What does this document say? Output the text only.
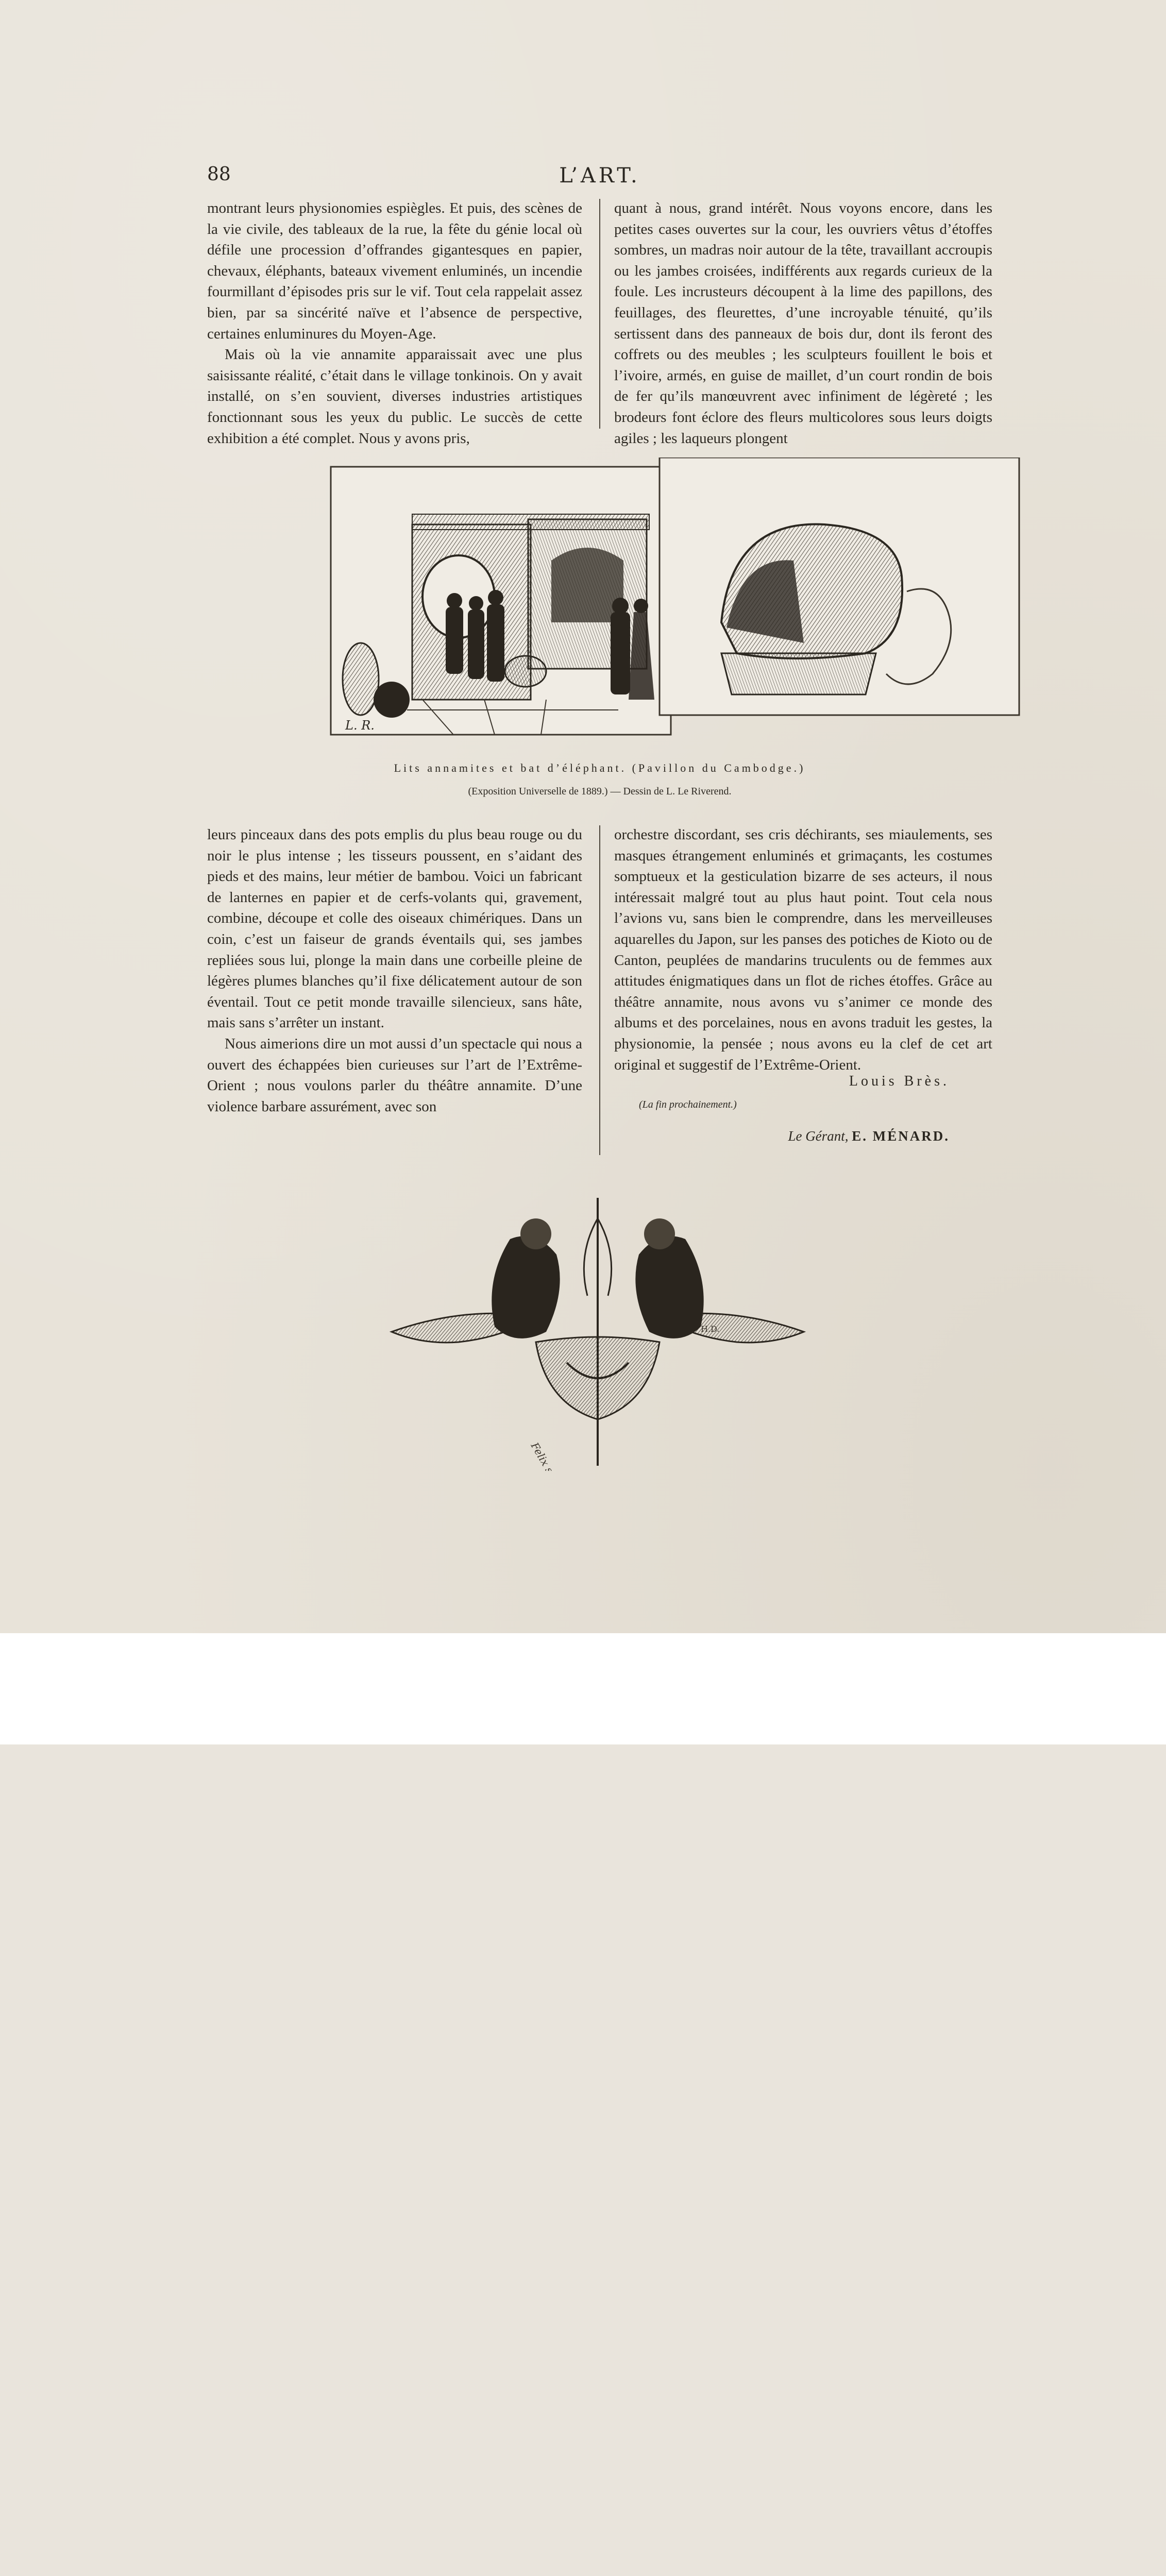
88	L’ART.

montrant leurs physionomies espiègles. Et puis, des scènes de la vie civile, des tableaux de la rue, la fête du génie local où défile une procession d’offrandes gigantesques en papier, chevaux, éléphants, bateaux vivement enluminés, un incendie fourmillant d’épisodes pris sur le vif. Tout cela rappelait assez bien, par sa sincérité naïve et l’absence de perspective, certaines enluminures du Moyen-Age.

Mais où la vie annamite apparaissait avec une plus saisissante réalité, c’était dans le village tonkinois. On y avait installé, on s’en souvient, diverses industries artistiques fonctionnant sous les yeux du public. Le succès de cette exhibition a été complet. Nous y avons pris,

quant à nous, grand intérêt. Nous voyons encore, dans les petites cases ouvertes sur la cour, les ouvriers vêtus d’étoffes sombres, un madras noir autour de la tête, travaillant accroupis ou les jambes croisées, indifférents aux regards curieux de la foule. Les incrusteurs découpent à la lime des papillons, des feuillages, des fleurettes, d’une incroyable ténuité, qu’ils sertissent dans des panneaux de bois dur, dont ils feront des coffrets ou des meubles ; les sculpteurs fouillent le bois et l’ivoire, armés, en guise de maillet, d’un court rondin de bois de fer qu’ils manœuvrent avec infiniment de légèreté ; les brodeurs font éclore des fleurs multicolores sous leurs doigts agiles ; les laqueurs plongent

L. R.
Lits annamites et bat d’éléphant. (Pavillon du Cambodge.)
(Exposition Universelle de 1889.) — Dessin de L. Le Riverend.

leurs pinceaux dans des pots emplis du plus beau rouge ou du noir le plus intense ; les tisseurs poussent, en s’aidant des pieds et des mains, leur métier de bambou. Voici un fabricant de lanternes en papier et de cerfs-volants qui, gravement, combine, découpe et colle des oiseaux chimériques. Dans un coin, c’est un faiseur de grands éventails qui, ses jambes repliées sous lui, plonge la main dans une corbeille pleine de légères plumes blanches qu’il fixe délicatement autour de son éventail. Tout ce petit monde travaille silencieux, sans hâte, mais sans s’arrêter un instant.

Nous aimerions dire un mot aussi d’un spectacle qui nous a ouvert des échappées bien curieuses sur l’art de l’Extrême-Orient ; nous voulons parler du théâtre annamite. D’une violence barbare assurément, avec son

orchestre discordant, ses cris déchirants, ses miaulements, ses masques étrangement enluminés et grimaçants, les costumes somptueux et la gesticulation bizarre de ses acteurs, il nous intéressait malgré tout au plus haut point. Tout cela nous l’avions vu, sans bien le comprendre, dans les merveilleuses aquarelles du Japon, sur les panses des potiches de Kioto ou de Canton, peuplées de mandarins truculents ou de femmes aux attitudes énigmatiques dans un flot de riches étoffes. Grâce au théâtre annamite, nous avons vu s’animer ce monde des albums et des porcelaines, nous en avons traduit les gestes, la physionomie, la pensée ; nous avons eu la clef de cet art original et suggestif de l’Extrême-Orient.

Louis Brès.
(La fin prochainement.)
Le Gérant, E. MÉNARD.
Felix sc.
H.D.
